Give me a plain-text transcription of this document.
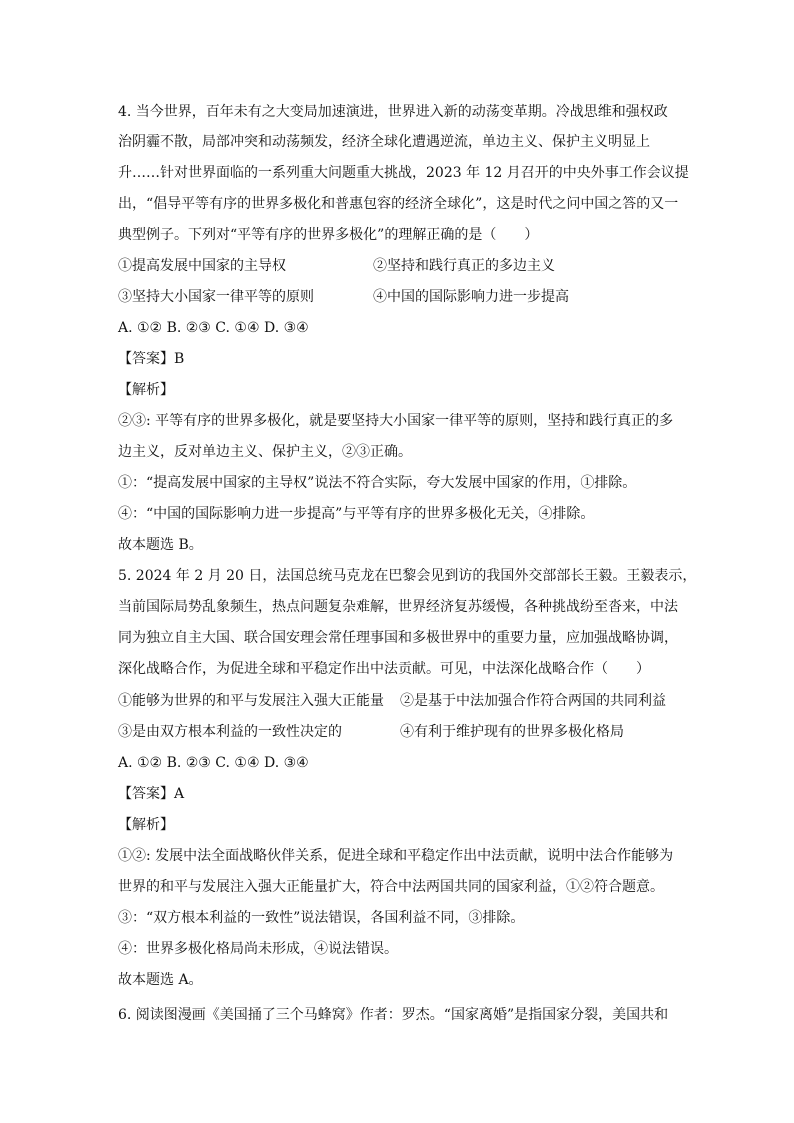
4. 当今世界，百年未有之大变局加速演进，世界进入新的动荡变革期。冷战思维和强权政
治阴霾不散，局部冲突和动荡频发，经济全球化遭遇逆流，单边主义、保护主义明显上
升……针对世界面临的一系列重大问题重大挑战，2023 年 12 月召开的中央外事工作会议提
出，“倡导平等有序的世界多极化和普惠包容的经济全球化”，这是时代之问中国之答的又一
典型例子。下列对“平等有序的世界多极化”的理解正确的是（　　）
①提高发展中国家的主导权	②坚持和践行真正的多边主义
③坚持大小国家一律平等的原则	④中国的国际影响力进一步提高
A. ①② B. ②③ C. ①④ D. ③④
【答案】B
【解析】
②③: 平等有序的世界多极化，就是要坚持大小国家一律平等的原则，坚持和践行真正的多
边主义，反对单边主义、保护主义，②③正确。
①：“提高发展中国家的主导权”说法不符合实际，夸大发展中国家的作用，①排除。
④：“中国的国际影响力进一步提高”与平等有序的世界多极化无关，④排除。
故本题选 B。
5. 2024 年 2 月 20 日，法国总统马克龙在巴黎会见到访的我国外交部部长王毅。王毅表示，
当前国际局势乱象频生，热点问题复杂难解，世界经济复苏缓慢，各种挑战纷至沓来，中法
同为独立自主大国、联合国安理会常任理事国和多极世界中的重要力量，应加强战略协调，
深化战略合作，为促进全球和平稳定作出中法贡献。可见，中法深化战略合作（　　）
①能够为世界的和平与发展注入强大正能量 ②是基于中法加强合作符合两国的共同利益
③是由双方根本利益的一致性决定的	④有利于维护现有的世界多极化格局
A. ①② B. ②③ C. ①④ D. ③④
【答案】A
【解析】
①②: 发展中法全面战略伙伴关系，促进全球和平稳定作出中法贡献，说明中法合作能够为
世界的和平与发展注入强大正能量扩大，符合中法两国共同的国家利益，①②符合题意。
③：“双方根本利益的一致性”说法错误，各国利益不同，③排除。
④：世界多极化格局尚未形成，④说法错误。
故本题选 A。
6. 阅读图漫画《美国捅了三个马蜂窝》作者：罗杰。“国家离婚”是指国家分裂，美国共和
